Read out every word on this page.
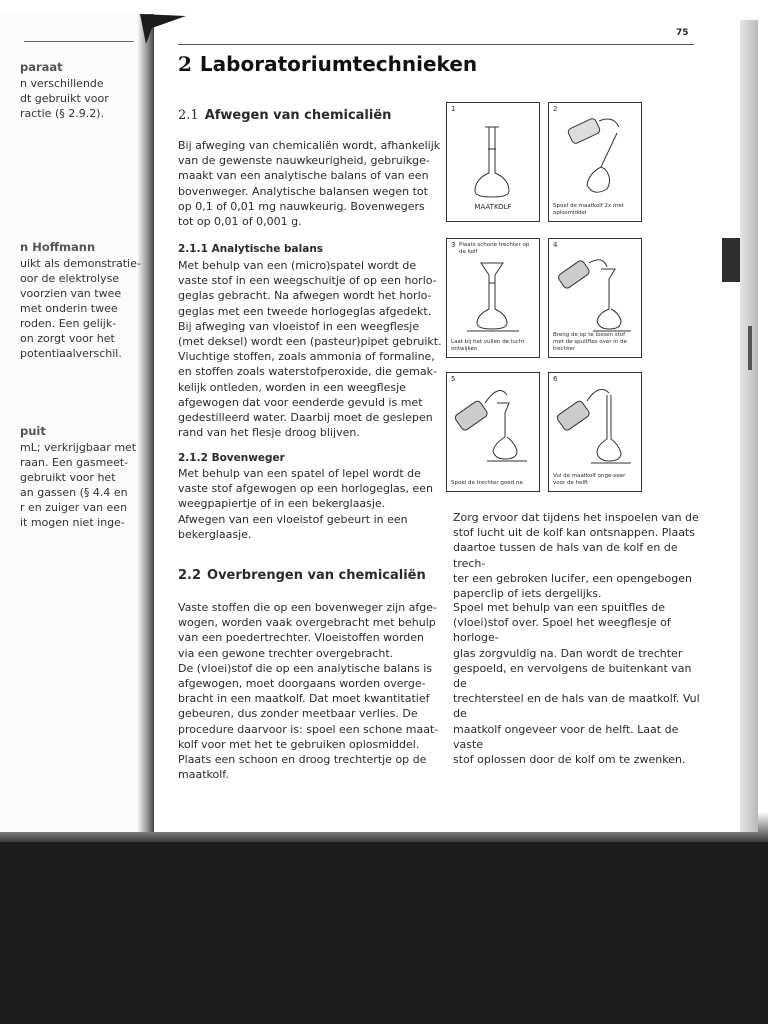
paraat
n verschillende
dt gebruikt voor
ractie (§ 2.9.2).
n Hoffmann
uikt als demonstratie-
oor de elektrolyse
voorzien van twee
met onderin twee
roden. Een gelijk-
on zorgt voor het
potentiaalverschil.
puit
mL; verkrijgbaar met
raan. Een gasmeet-
gebruikt voor het
an gassen (§ 4.4 en
r en zuiger van een
it mogen niet inge-
75
2 Laboratoriumtechnieken
2.1 Afwegen van chemicaliën
Bij afweging van chemicaliën wordt, afhankelijk
van de gewenste nauwkeurigheid, gebruikge-
maakt van een analytische balans of van een
bovenweger. Analytische balansen wegen tot
op 0,1 of 0,01 mg nauwkeurig. Bovenwegers
tot op 0,01 of 0,001 g.
2.1.1 Analytische balans
Met behulp van een (micro)spatel wordt de
vaste stof in een weegschuitje of op een horlo-
geglas gebracht. Na afwegen wordt het horlo-
geglas met een tweede horlogeglas afgedekt.
Bij afweging van vloeistof in een weegflesje
(met deksel) wordt een (pasteur)pipet gebruikt.
Vluchtige stoffen, zoals ammonia of formaline,
en stoffen zoals waterstofperoxide, die gemak-
kelijk ontleden, worden in een weegflesje
afgewogen dat voor eenderde gevuld is met
gedestilleerd water. Daarbij moet de geslepen
rand van het flesje droog blijven.
2.1.2 Bovenweger
Met behulp van een spatel of lepel wordt de
vaste stof afgewogen op een horlogeglas, een
weegpapiertje of in een bekerglaasje.
Afwegen van een vloeistof gebeurt in een
bekerglaasje.
2.2 Overbrengen van chemicaliën
Vaste stoffen die op een bovenweger zijn afge-
wogen, worden vaak overgebracht met behulp
van een poedertrechter. Vloeistoffen worden
via een gewone trechter overgebracht.
De (vloei)stof die op een analytische balans is
afgewogen, moet doorgaans worden overge-
bracht in een maatkolf. Dat moet kwantitatief
gebeuren, dus zonder meetbaar verlies. De
procedure daarvoor is: spoel een schone maat-
kolf voor met het te gebruiken oplosmiddel.
Plaats een schoon en droog trechtertje op de
maatkolf.
1
MAATKOLF
2
Spoel de maatkolf 2x met oplosmiddel
3 Plaats schone trechter op de kolf
Laat bij het vullen de lucht ontwijken
4
Breng de op te lossen stof met de spuitfles over in de trechter
5
Spoel de trechter goed na
6
Vul de maatkolf onge-veer voor de helft
Zorg ervoor dat tijdens het inspoelen van de
stof lucht uit de kolf kan ontsnappen. Plaats
daartoe tussen de hals van de kolf en de trech-
ter een gebroken lucifer, een opengebogen
paperclip of iets dergelijks.
Spoel met behulp van een spuitfles de
(vloei)stof over. Spoel het weegflesje of horloge-
glas zorgvuldig na. Dan wordt de trechter
gespoeld, en vervolgens de buitenkant van de
trechtersteel en de hals van de maatkolf. Vul de
maatkolf ongeveer voor de helft. Laat de vaste
stof oplossen door de kolf om te zwenken.
